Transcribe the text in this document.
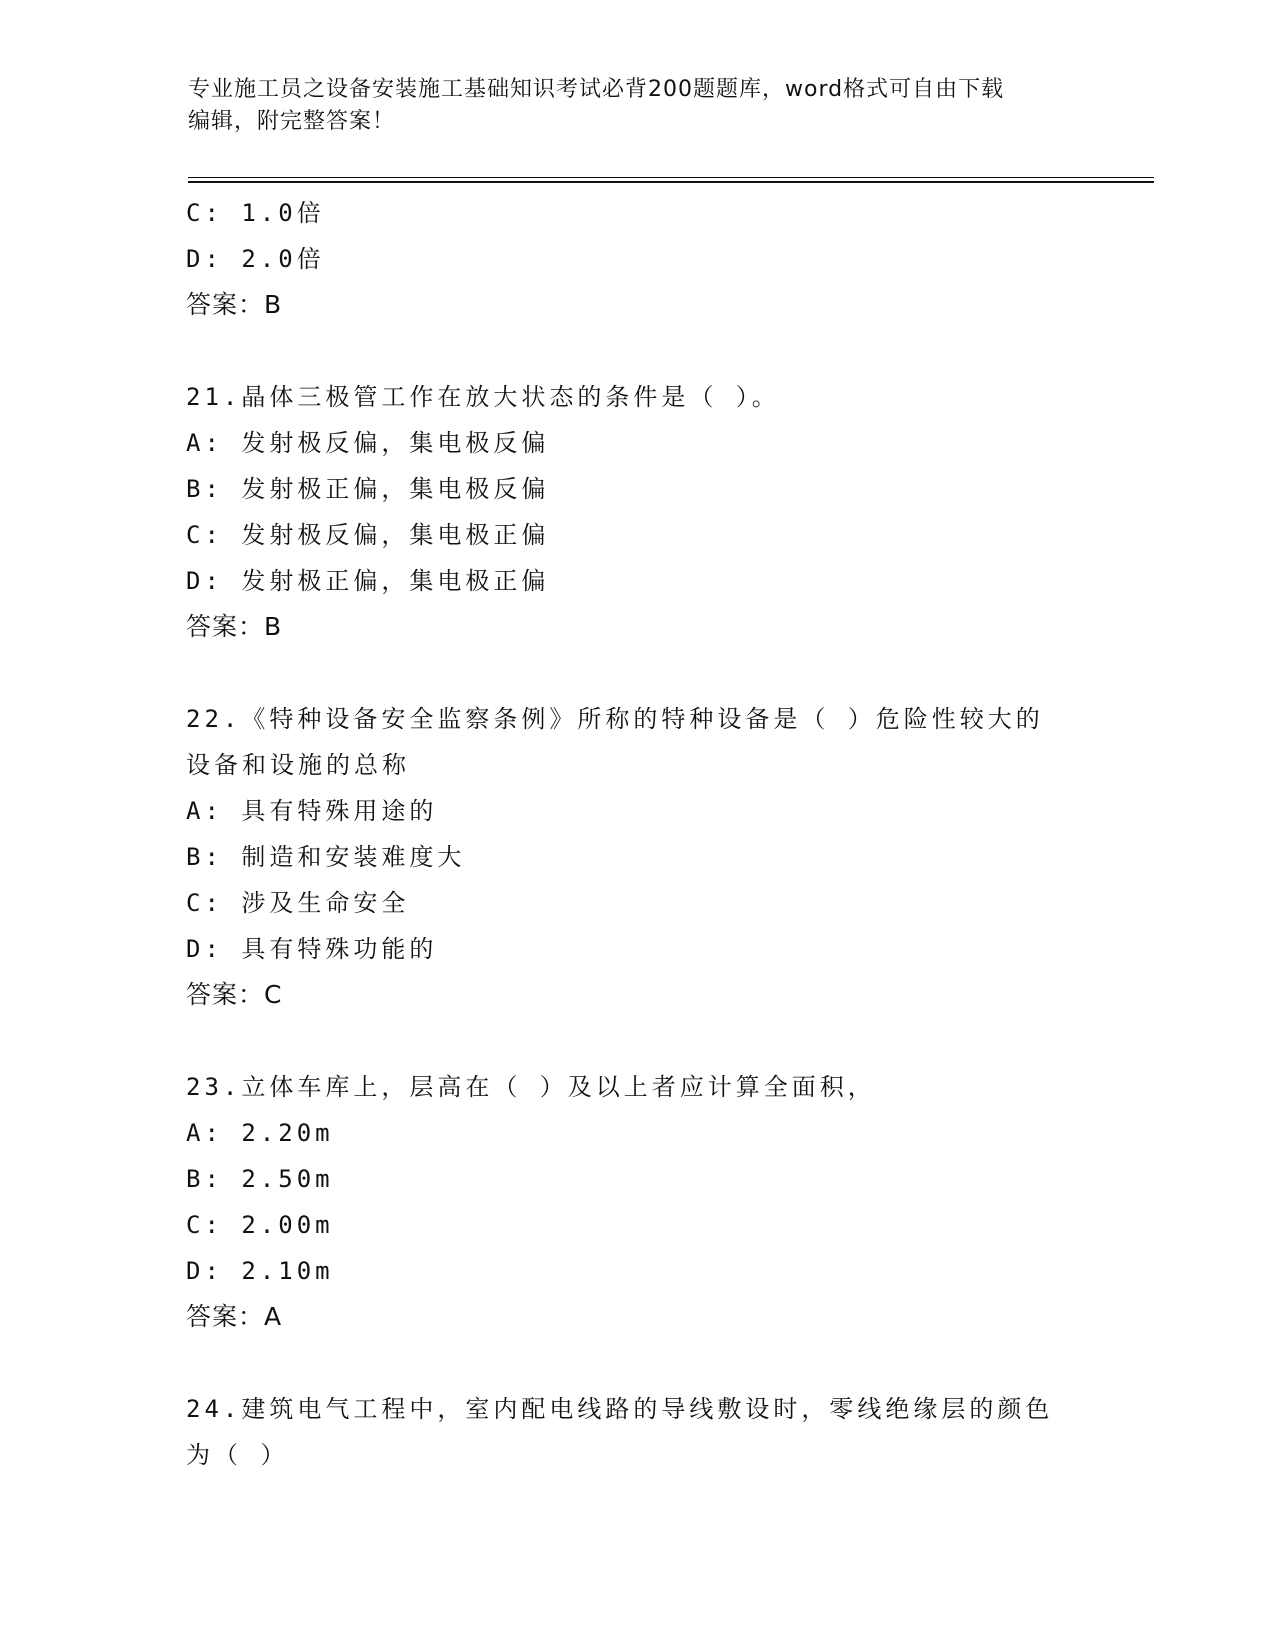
专业施工员之设备安装施工基础知识考试必背200题题库，word格式可自由下载
编辑，附完整答案！
C: 1.0倍
D: 2.0倍
答案：B
21.晶体三极管工作在放大状态的条件是（ ）。
A: 发射极反偏，集电极反偏
B: 发射极正偏，集电极反偏
C: 发射极反偏，集电极正偏
D: 发射极正偏，集电极正偏
答案：B
22.《特种设备安全监察条例》所称的特种设备是（ ）危险性较大的
设备和设施的总称
A: 具有特殊用途的
B: 制造和安装难度大
C: 涉及生命安全
D: 具有特殊功能的
答案：C
23.立体车库上，层高在（ ）及以上者应计算全面积，
A: 2.20m
B: 2.50m
C: 2.00m
D: 2.10m
答案：A
24.建筑电气工程中，室内配电线路的导线敷设时，零线绝缘层的颜色
为（ ）
